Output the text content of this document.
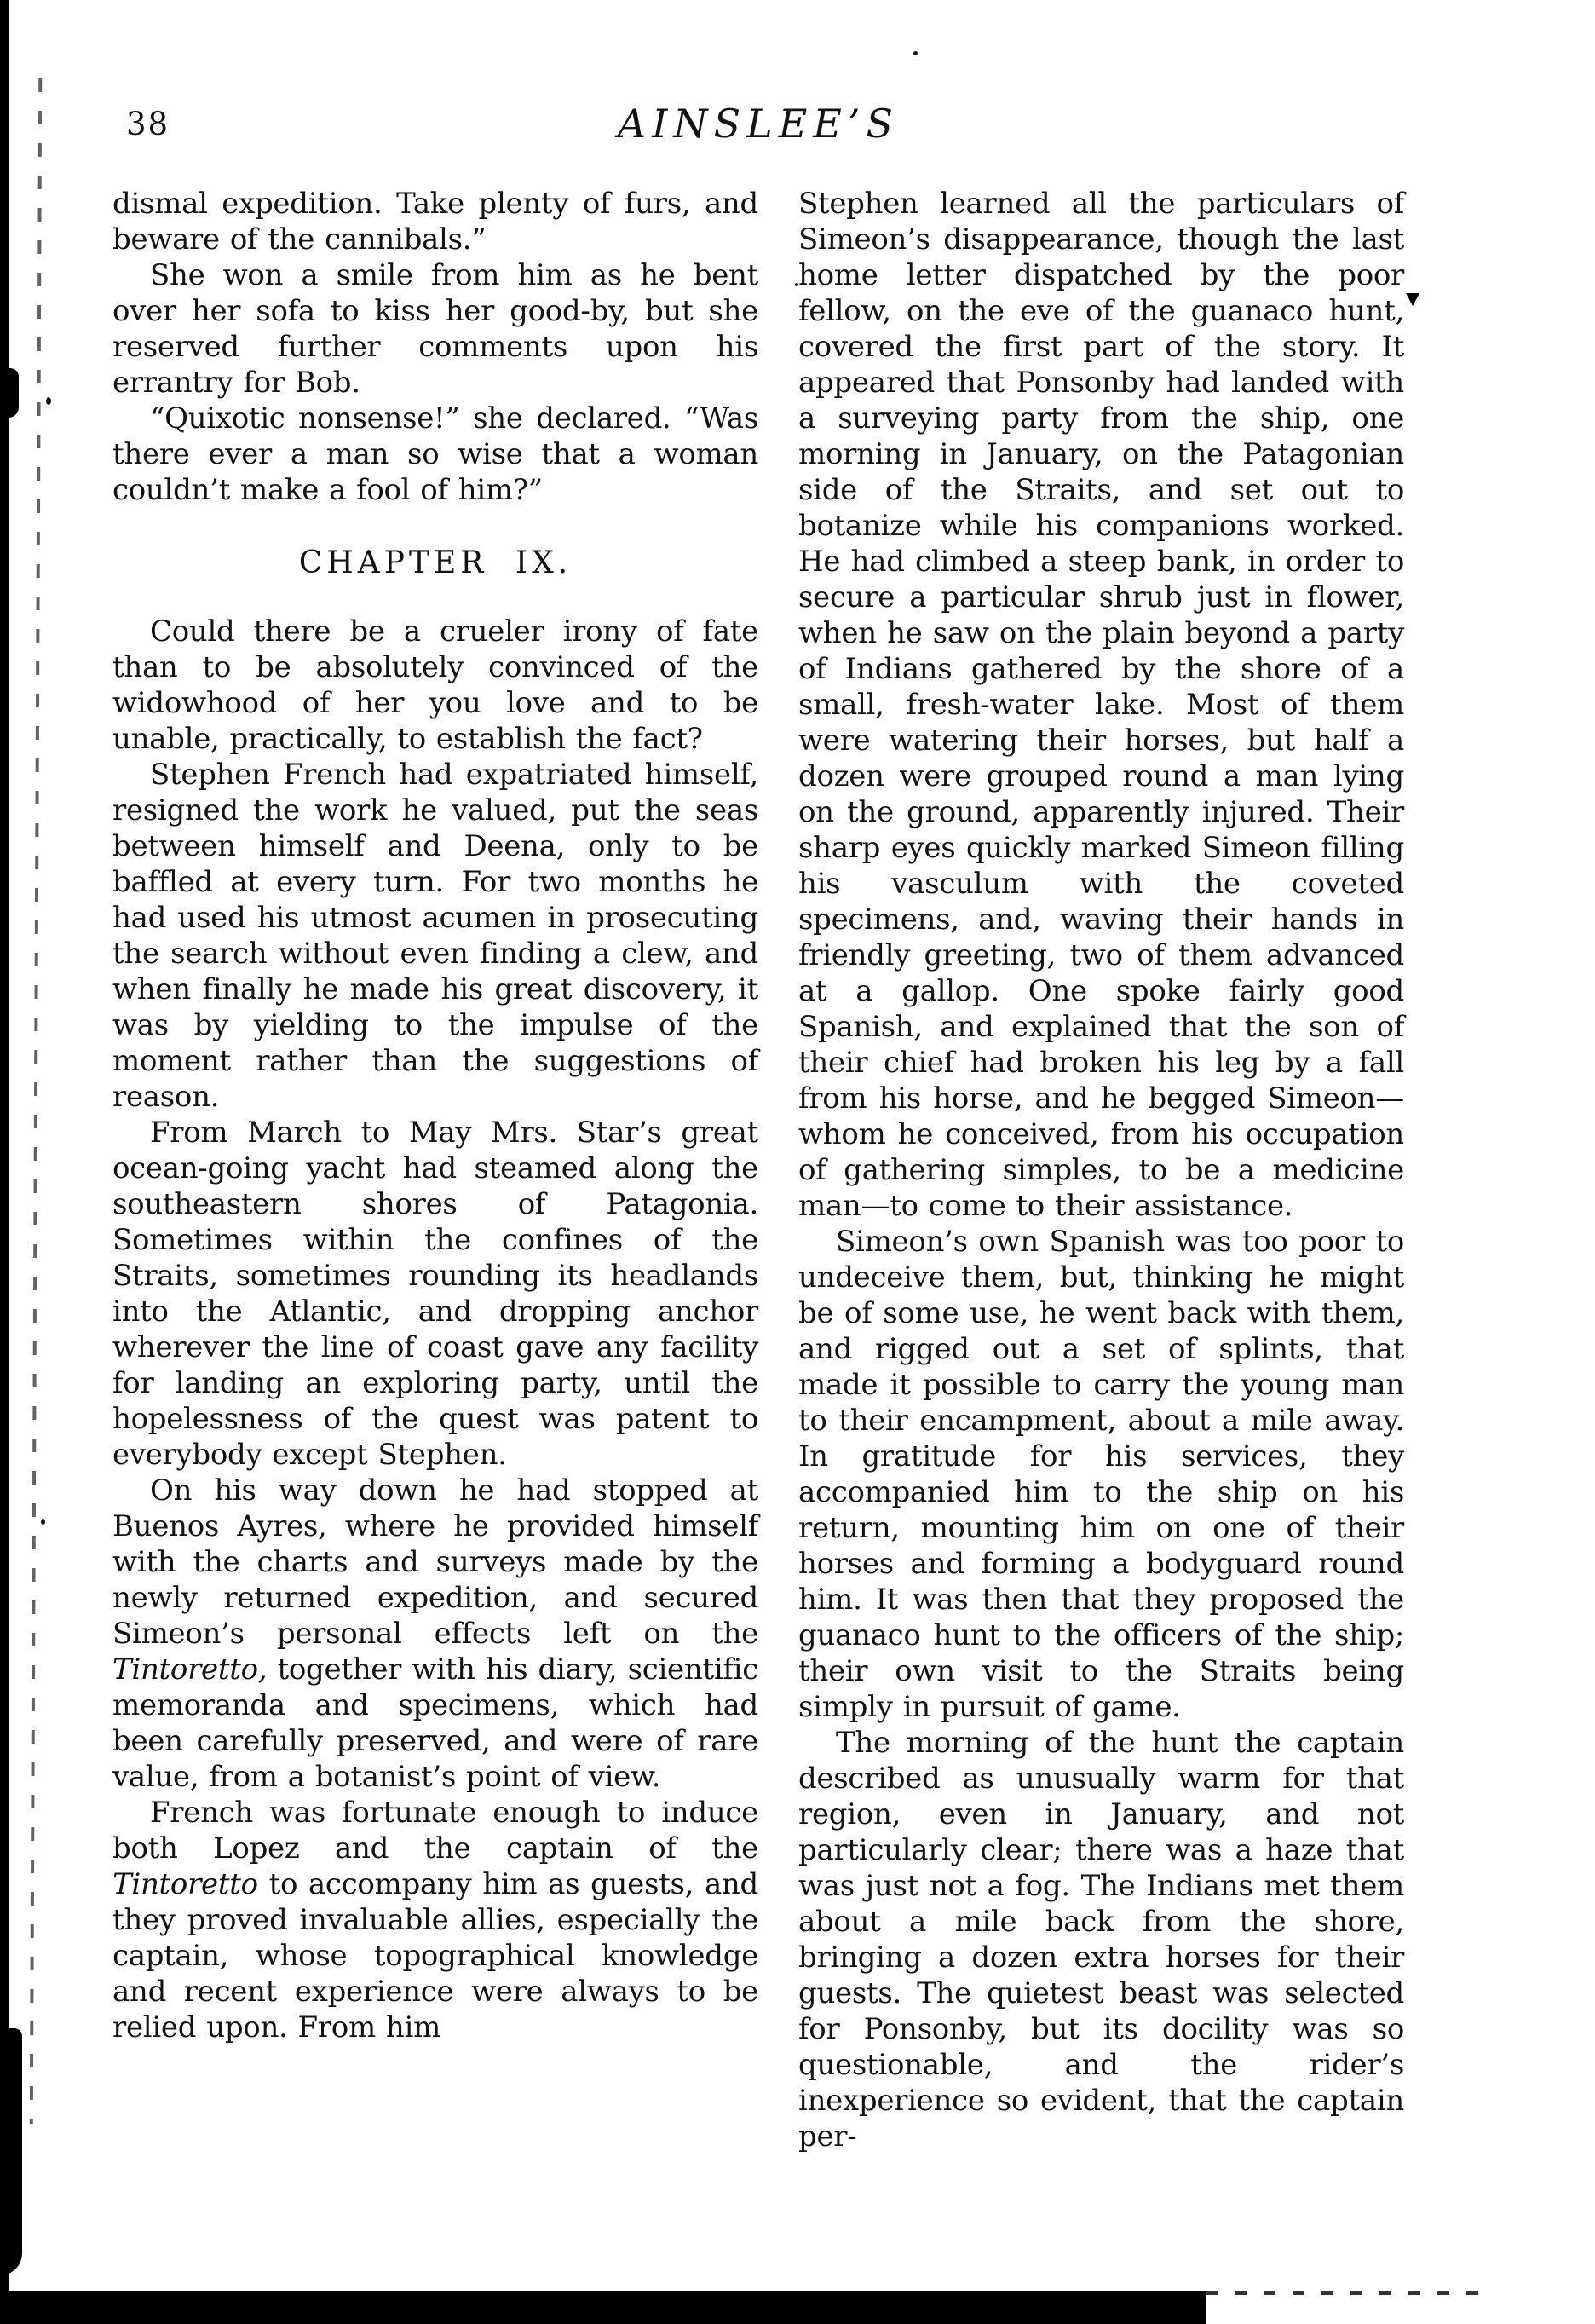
38	AINSLEE’S

dismal expedition. Take plenty of furs, and beware of the cannibals.”

She won a smile from him as he bent over her sofa to kiss her good-by, but she reserved further comments upon his errantry for Bob.

“Quixotic nonsense!” she declared. “Was there ever a man so wise that a woman couldn’t make a fool of him?”

CHAPTER IX.

Could there be a crueler irony of fate than to be absolutely convinced of the widowhood of her you love and to be unable, practically, to establish the fact?

Stephen French had expatriated himself, resigned the work he valued, put the seas between himself and Deena, only to be baffled at every turn. For two months he had used his utmost acumen in prosecuting the search without even finding a clew, and when finally he made his great discovery, it was by yielding to the impulse of the moment rather than the suggestions of reason.

From March to May Mrs. Star’s great ocean-going yacht had steamed along the southeastern shores of Patagonia. Sometimes within the confines of the Straits, sometimes rounding its headlands into the Atlantic, and dropping anchor wherever the line of coast gave any facility for landing an exploring party, until the hopelessness of the quest was patent to everybody except Stephen.

On his way down he had stopped at Buenos Ayres, where he provided himself with the charts and surveys made by the newly returned expedition, and secured Simeon’s personal effects left on the Tintoretto, together with his diary, scientific memoranda and specimens, which had been carefully preserved, and were of rare value, from a botanist’s point of view.

French was fortunate enough to induce both Lopez and the captain of the Tintoretto to accompany him as guests, and they proved invaluable allies, especially the captain, whose topographical knowledge and recent experience were always to be relied upon. From him

Stephen learned all the particulars of Simeon’s disappearance, though the last home letter dispatched by the poor fellow, on the eve of the guanaco hunt, covered the first part of the story. It appeared that Ponsonby had landed with a surveying party from the ship, one morning in January, on the Patagonian side of the Straits, and set out to botanize while his companions worked. He had climbed a steep bank, in order to secure a particular shrub just in flower, when he saw on the plain beyond a party of Indians gathered by the shore of a small, fresh-water lake. Most of them were watering their horses, but half a dozen were grouped round a man lying on the ground, apparently injured. Their sharp eyes quickly marked Simeon filling his vasculum with the coveted specimens, and, waving their hands in friendly greeting, two of them advanced at a gallop. One spoke fairly good Spanish, and explained that the son of their chief had broken his leg by a fall from his horse, and he begged Simeon—whom he conceived, from his occupation of gathering simples, to be a medicine man—to come to their assistance.

Simeon’s own Spanish was too poor to undeceive them, but, thinking he might be of some use, he went back with them, and rigged out a set of splints, that made it possible to carry the young man to their encampment, about a mile away. In gratitude for his services, they accompanied him to the ship on his return, mounting him on one of their horses and forming a bodyguard round him. It was then that they proposed the guanaco hunt to the officers of the ship; their own visit to the Straits being simply in pursuit of game.

The morning of the hunt the captain described as unusually warm for that region, even in January, and not particularly clear; there was a haze that was just not a fog. The Indians met them about a mile back from the shore, bringing a dozen extra horses for their guests. The quietest beast was selected for Ponsonby, but its docility was so questionable, and the rider’s inexperience so evident, that the captain per-
